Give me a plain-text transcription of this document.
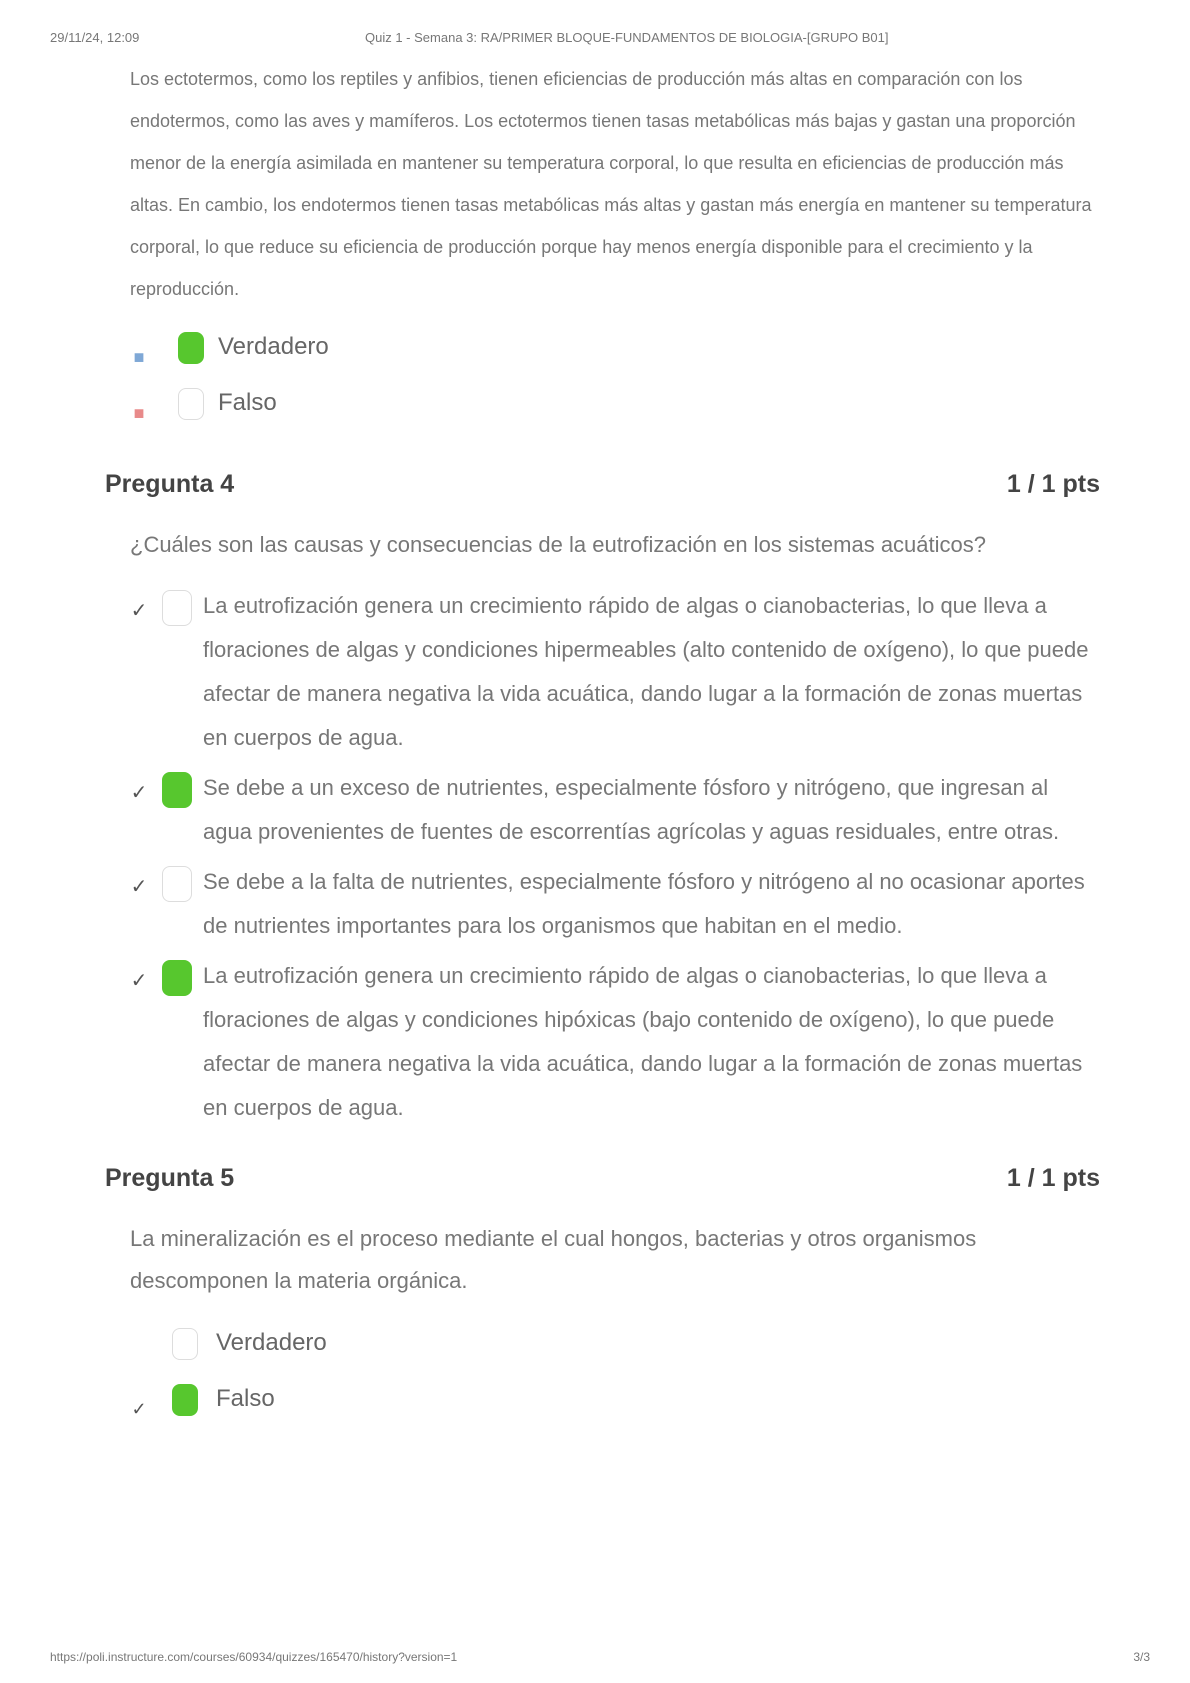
29/11/24, 12:09	Quiz 1 - Semana 3: RA/PRIMER BLOQUE-FUNDAMENTOS DE BIOLOGIA-[GRUPO B01]

Los ectotermos, como los reptiles y anfibios, tienen eficiencias de producción más altas en comparación con los endotermos, como las aves y mamíferos. Los ectotermos tienen tasas metabólicas más bajas y gastan una proporción menor de la energía asimilada en mantener su temperatura corporal, lo que resulta en eficiencias de producción más altas. En cambio, los endotermos tienen tasas metabólicas más altas y gastan más energía en mantener su temperatura corporal, lo que reduce su eficiencia de producción porque hay menos energía disponible para el crecimiento y la reproducción.

■	Verdadero
■	Falso
Pregunta 4	1 / 1 pts

¿Cuáles son las causas y consecuencias de la eutrofización en los sistemas acuáticos?

✓	La eutrofización genera un crecimiento rápido de algas o cianobacterias, lo que lleva a floraciones de algas y condiciones hipermeables (alto contenido de oxígeno), lo que puede afectar de manera negativa la vida acuática, dando lugar a la formación de zonas muertas en cuerpos de agua.
✓	Se debe a un exceso de nutrientes, especialmente fósforo y nitrógeno, que ingresan al agua provenientes de fuentes de escorrentías agrícolas y aguas residuales, entre otras.
✓	Se debe a la falta de nutrientes, especialmente fósforo y nitrógeno al no ocasionar aportes de nutrientes importantes para los organismos que habitan en el medio.
✓	La eutrofización genera un crecimiento rápido de algas o cianobacterias, lo que lleva a floraciones de algas y condiciones hipóxicas (bajo contenido de oxígeno), lo que puede afectar de manera negativa la vida acuática, dando lugar a la formación de zonas muertas en cuerpos de agua.
Pregunta 5	1 / 1 pts

La mineralización es el proceso mediante el cual hongos, bacterias y otros organismos descomponen la materia orgánica.

Verdadero
✓	Falso
https://poli.instructure.com/courses/60934/quizzes/165470/history?version=1	3/3
